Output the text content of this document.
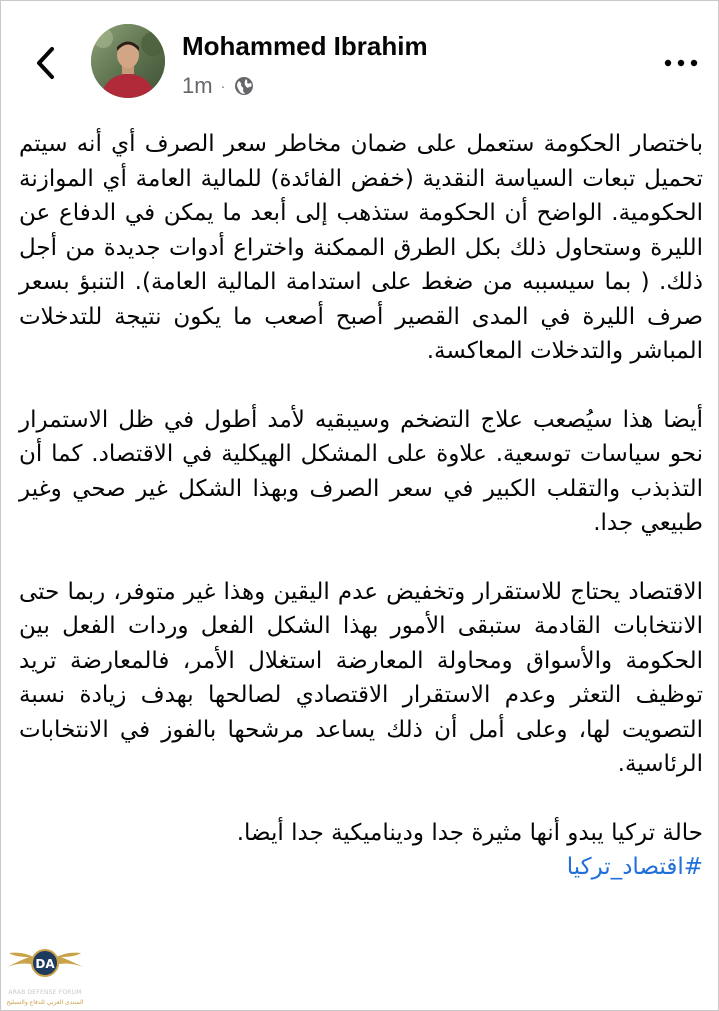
Mohammed Ibrahim
1m ·

باختصار الحكومة ستعمل على ضمان مخاطر سعر الصرف أي أنه سيتم تحميل تبعات السياسة النقدية (خفض الفائدة) للمالية العامة أي الموازنة الحكومية. الواضح أن الحكومة ستذهب إلى أبعد ما يمكن في الدفاع عن الليرة وستحاول ذلك بكل الطرق الممكنة واختراع أدوات جديدة من أجل ذلك. ( بما سيسببه من ضغط على استدامة المالية العامة). التنبؤ بسعر صرف الليرة في المدى القصير أصبح أصعب ما يكون نتيجة للتدخلات المباشر والتدخلات المعاكسة.

أيضا هذا سيُصعب علاج التضخم وسيبقيه لأمد أطول في ظل الاستمرار نحو سياسات توسعية. علاوة على المشكل الهيكلية في الاقتصاد. كما أن التذبذب والتقلب الكبير في سعر الصرف وبهذا الشكل غير صحي وغير طبيعي جدا.

الاقتصاد يحتاج للاستقرار وتخفيض عدم اليقين وهذا غير متوفر، ربما حتى الانتخابات القادمة ستبقى الأمور بهذا الشكل الفعل وردات الفعل بين الحكومة والأسواق ومحاولة المعارضة استغلال الأمر، فالمعارضة تريد توظيف التعثر وعدم الاستقرار الاقتصادي لصالحها بهدف زيادة نسبة التصويت لها، وعلى أمل أن ذلك يساعد مرشحها بالفوز في الانتخابات الرئاسية.

حالة تركيا يبدو أنها مثيرة جدا وديناميكية جدا أيضا.

#اقتصاد_تركيا
DA
ARAB DEFENSE FORUM
المنتدى العربي للدفاع والتسليح
